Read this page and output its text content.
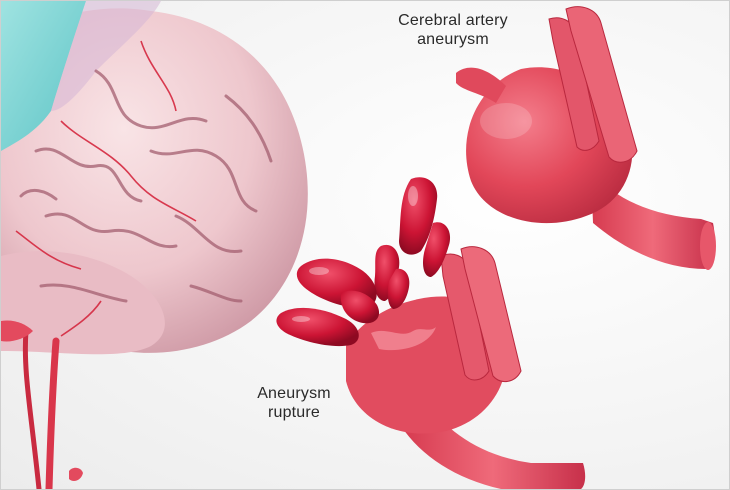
Cerebral artery
aneurysm
Aneurysm
rupture
